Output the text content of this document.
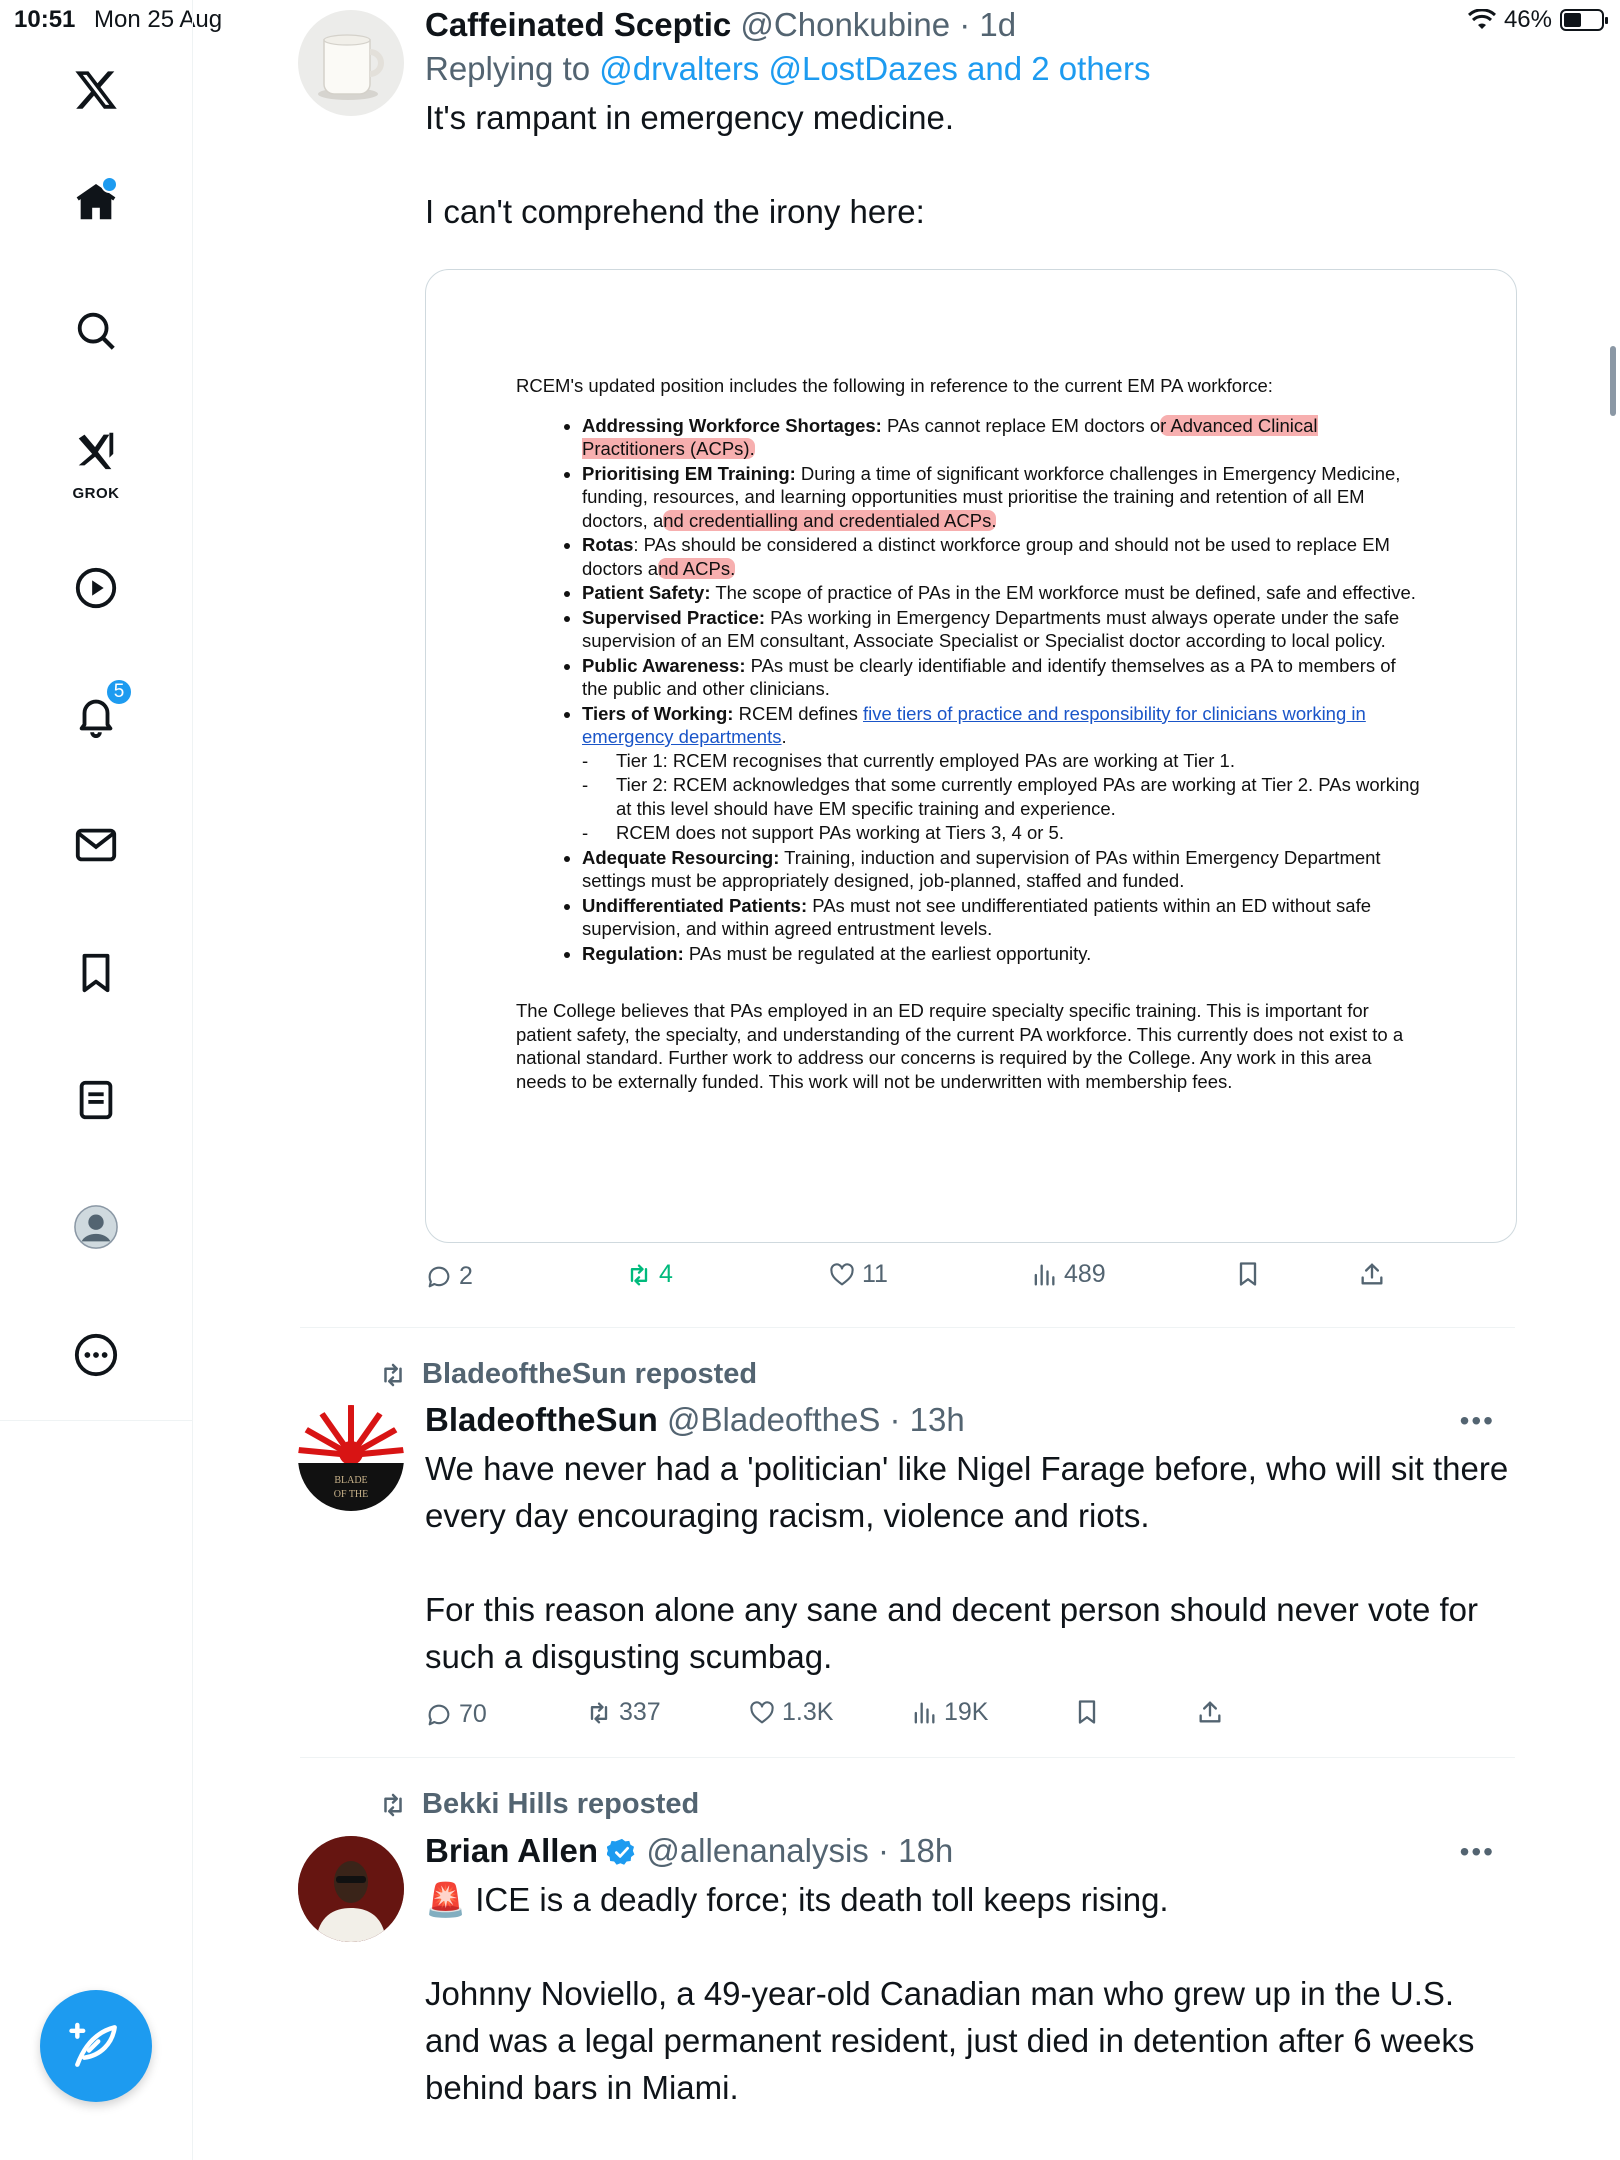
10:51 Mon 25 Aug	46%
GROK
5
Caffeinated Sceptic @Chonkubine · 1d
Replying to @drvalters @LostDazes and 2 others
It's rampant in emergency medicine.

I can't comprehend the irony here:

RCEM's updated position includes the following in reference to the current EM PA workforce:

• Addressing Workforce Shortages: PAs cannot replace EM doctors or Advanced Clinical Practitioners (ACPs).
• Prioritising EM Training: During a time of significant workforce challenges in Emergency Medicine, funding, resources, and learning opportunities must prioritise the training and retention of all EM doctors, and credentialling and credentialed ACPs.
• Rotas: PAs should be considered a distinct workforce group and should not be used to replace EM doctors and ACPs.
• Patient Safety: The scope of practice of PAs in the EM workforce must be defined, safe and effective.
• Supervised Practice: PAs working in Emergency Departments must always operate under the safe supervision of an EM consultant, Associate Specialist or Specialist doctor according to local policy.
• Public Awareness: PAs must be clearly identifiable and identify themselves as a PA to members of the public and other clinicians.
• Tiers of Working: RCEM defines five tiers of practice and responsibility for clinicians working in emergency departments.
- Tier 1: RCEM recognises that currently employed PAs are working at Tier 1.
- Tier 2: RCEM acknowledges that some currently employed PAs are working at Tier 2. PAs working at this level should have EM specific training and experience.
- RCEM does not support PAs working at Tiers 3, 4 or 5.
• Adequate Resourcing: Training, induction and supervision of PAs within Emergency Department settings must be appropriately designed, job-planned, staffed and funded.
• Undifferentiated Patients: PAs must not see undifferentiated patients within an ED without safe supervision, and within agreed entrustment levels.
• Regulation: PAs must be regulated at the earliest opportunity.

The College believes that PAs employed in an ED require specialty specific training. This is important for patient safety, the specialty, and understanding of the current PA workforce. This currently does not exist to a national standard. Further work to address our concerns is required by the College. Any work in this area needs to be externally funded. This work will not be underwritten with membership fees.

2	4	11	489
BladeoftheSun reposted
BLADE
OF THE
BladeoftheSun @BladeoftheS · 13h
We have never had a 'politician' like Nigel Farage before, who will sit there every day encouraging racism, violence and riots.

For this reason alone any sane and decent person should never vote for such a disgusting scumbag.
•••
70	337	1.3K	19K
Bekki Hills reposted
Brian Allen @allenanalysis · 18h
🚨 ICE is a deadly force; its death toll keeps rising.

Johnny Noviello, a 49-year-old Canadian man who grew up in the U.S. and was a legal permanent resident, just died in detention after 6 weeks behind bars in Miami.
•••
